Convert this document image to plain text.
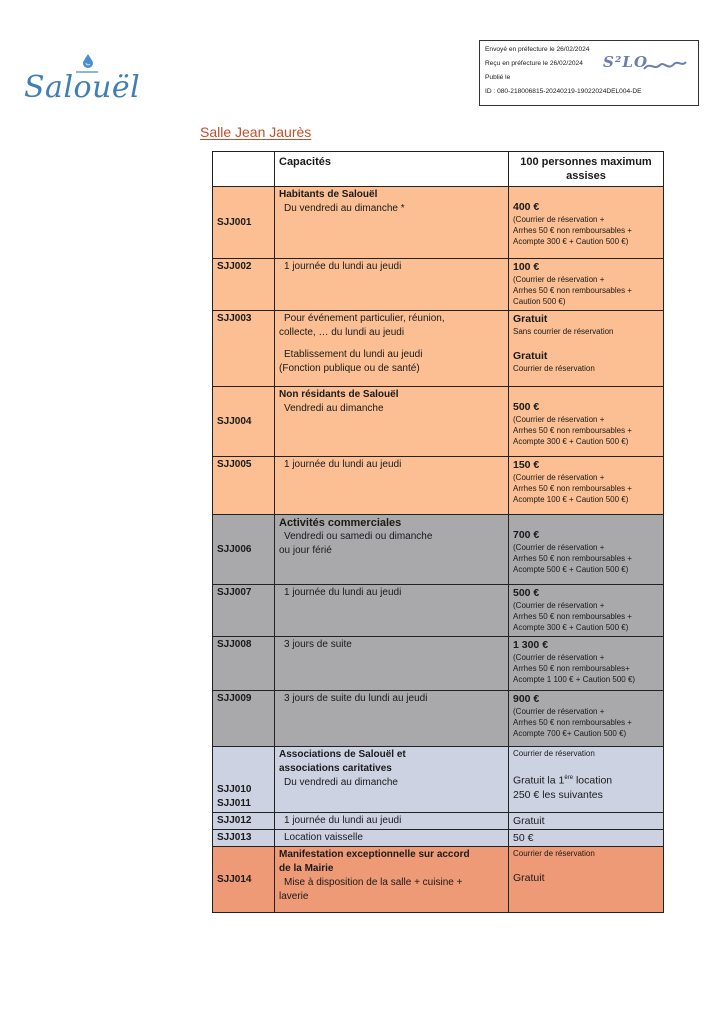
Salouël
Envoyé en préfecture le 26/02/2024
Reçu en préfecture le 26/02/2024
Publié le
ID : 080-218006815-20240219-19022024DEL004-DE
S²LO
Salle Jean Jaurès
	Capacités	100 personnes maximum assises
SJJ001	Habitants de Salouël
Du vendredi au dimanche *	400 €
(Courrier de réservation +
Arrhes 50 € non remboursables +
Acompte 300 € + Caution 500 €)

SJJ002	1 journée du lundi au jeudi	100 €
(Courrier de réservation +
Arrhes 50 € non remboursables +
Caution 500 €)

SJJ003	Pour événement particulier, réunion,
collecte, … du lundi au jeudi
Etablissement du lundi au jeudi
(Fonction publique ou de santé)	Gratuit
Sans courrier de réservation
Gratuit
Courrier de réservation

SJJ004	Non résidants de Salouël
Vendredi au dimanche	500 €
(Courrier de réservation +
Arrhes 50 € non remboursables +
Acompte 300 € + Caution 500 €)

SJJ005	1 journée du lundi au jeudi	150 €
(Courrier de réservation +
Arrhes 50 € non remboursables +
Acompte 100 € + Caution 500 €)

SJJ006	Activités commerciales
Vendredi ou samedi ou dimanche
ou jour férié	700 €
(Courrier de réservation +
Arrhes 50 € non remboursables +
Acompte 500 € + Caution 500 €)

SJJ007	1 journée du lundi au jeudi	500 €
(Courrier de réservation +
Arrhes 50 € non remboursables +
Acompte 300 € + Caution 500 €)

SJJ008	3 jours de suite	1 300 €
(Courrier de réservation +
Arrhes 50 € non remboursables+
Acompte 1 100 € + Caution 500 €)

SJJ009	3 jours de suite du lundi au jeudi	900 €
(Courrier de réservation +
Arrhes 50 € non remboursables +
Acompte 700 €+ Caution 500 €)

SJJ010
SJJ011	Associations de Salouël et
associations caritatives
Du vendredi au dimanche	Courrier de réservation
Gratuit la 1ère location
250 € les suivantes

SJJ012	1 journée du lundi au jeudi	Gratuit

SJJ013	Location vaisselle	50 €

SJJ014	Manifestation exceptionnelle sur accord
de la Mairie
Mise à disposition de la salle + cuisine +
laverie	Courrier de réservation
Gratuit
